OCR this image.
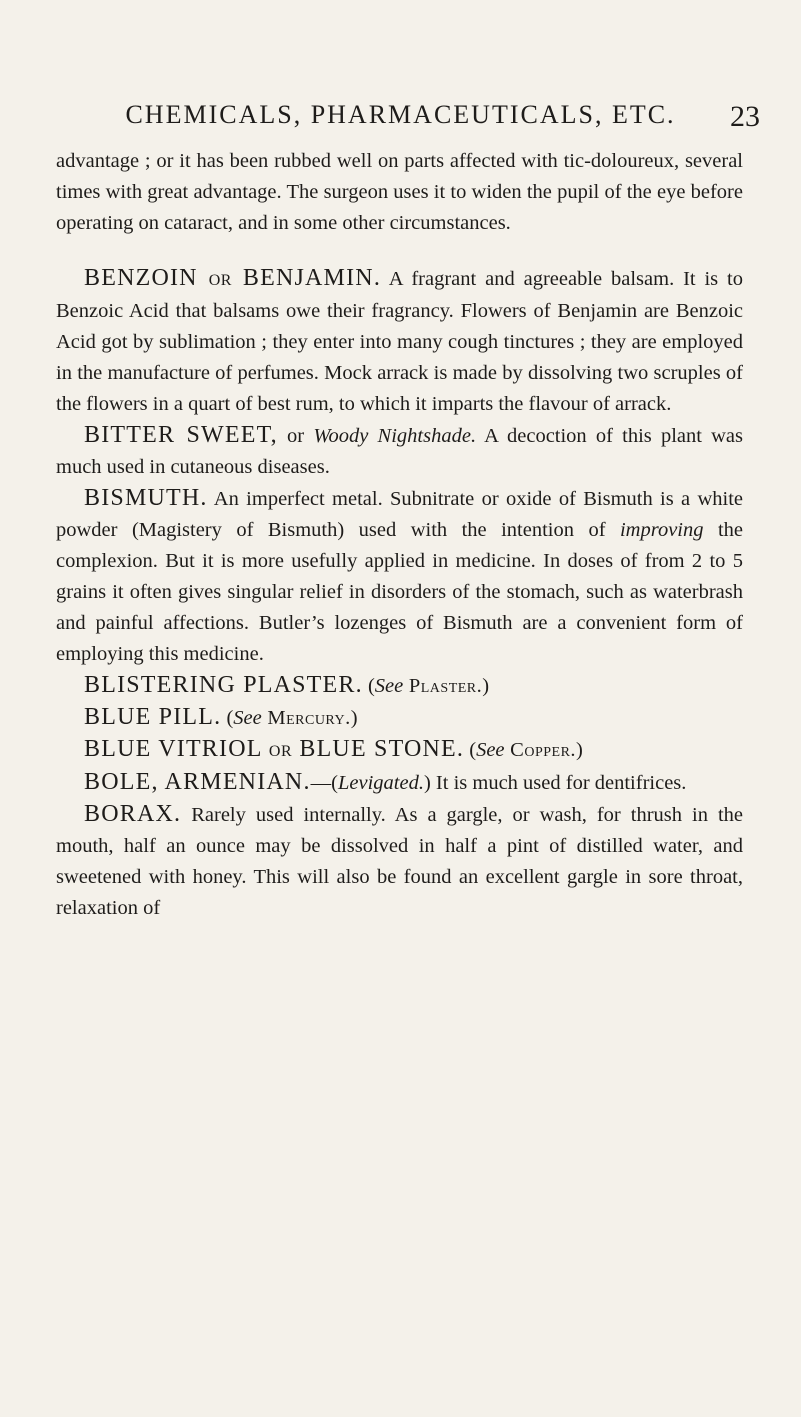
CHEMICALS, PHARMACEUTICALS, ETC. 23

advantage ; or it has been rubbed well on parts affected with tic-doloureux, several times with great advantage. The surgeon uses it to widen the pupil of the eye before operating on cataract, and in some other circumstances.

BENZOIN OR BENJAMIN. A fragrant and agreeable balsam. It is to Benzoic Acid that balsams owe their fragrancy. Flowers of Benjamin are Benzoic Acid got by sublimation ; they enter into many cough tinctures ; they are employed in the manufacture of perfumes. Mock arrack is made by dissolving two scruples of the flowers in a quart of best rum, to which it imparts the flavour of arrack.

BITTER SWEET, or Woody Nightshade. A decoction of this plant was much used in cutaneous diseases.

BISMUTH. An imperfect metal. Subnitrate or oxide of Bismuth is a white powder (Magistery of Bismuth) used with the intention of improving the complexion. But it is more usefully applied in medicine. In doses of from 2 to 5 grains it often gives singular relief in disorders of the stomach, such as waterbrash and painful affections. Butler’s lozenges of Bismuth are a convenient form of employing this medicine.

BLISTERING PLASTER. (See Plaster.)

BLUE PILL. (See Mercury.)

BLUE VITRIOL OR BLUE STONE. (See Copper.)

BOLE, ARMENIAN.—(Levigated.) It is much used for dentifrices.

BORAX. Rarely used internally. As a gargle, or wash, for thrush in the mouth, half an ounce may be dissolved in half a pint of distilled water, and sweetened with honey. This will also be found an excellent gargle in sore throat, relaxation of
